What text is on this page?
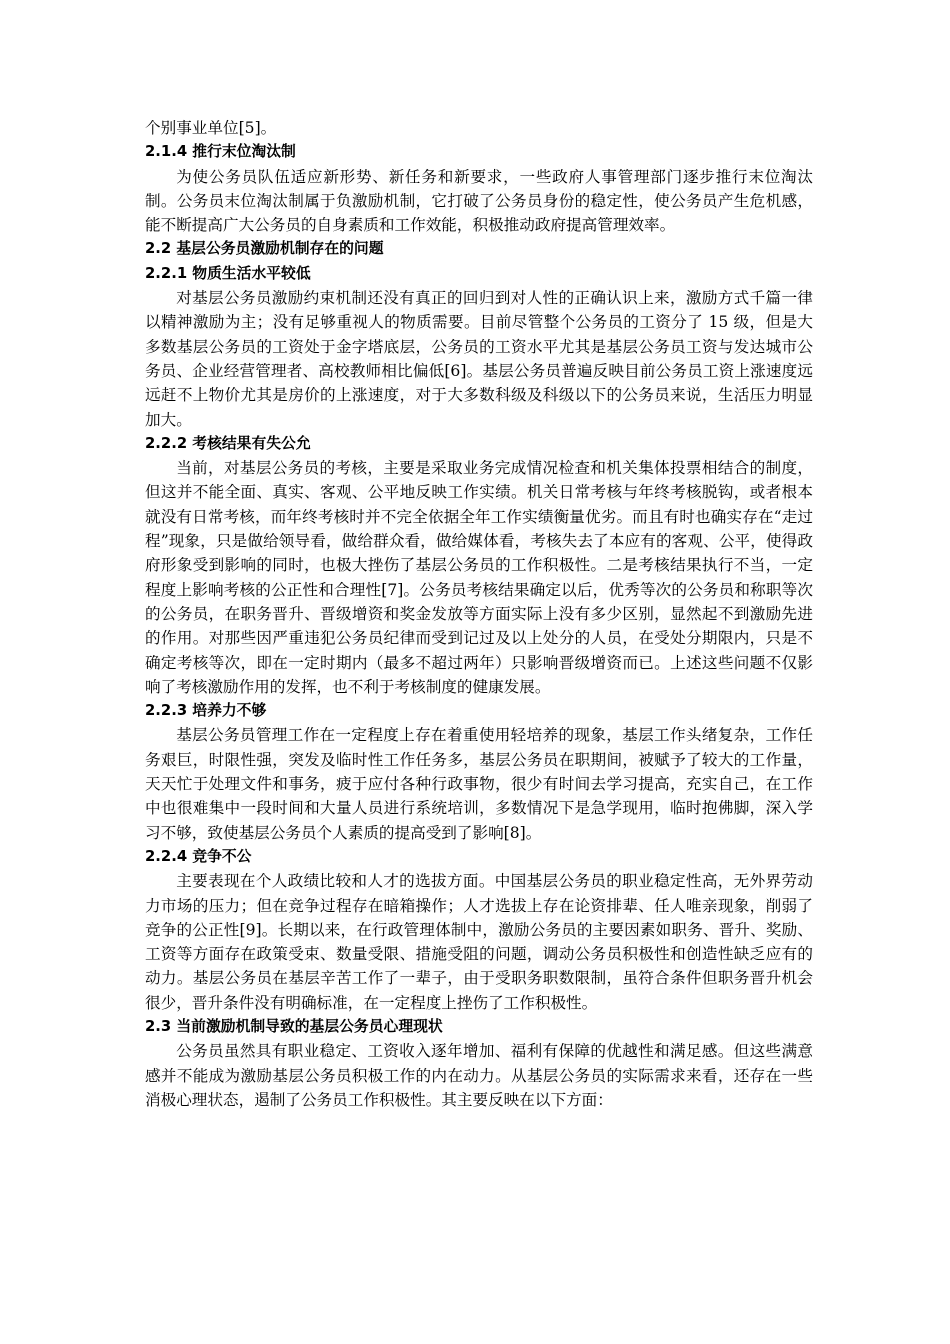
个别事业单位[5]。

2.1.4 推行末位淘汰制

为使公务员队伍适应新形势、新任务和新要求，一些政府人事管理部门逐步推行末位淘汰制。公务员末位淘汰制属于负激励机制，它打破了公务员身份的稳定性，使公务员产生危机感，能不断提高广大公务员的自身素质和工作效能，积极推动政府提高管理效率。

2.2 基层公务员激励机制存在的问题
2.2.1 物质生活水平较低

对基层公务员激励约束机制还没有真正的回归到对人性的正确认识上来，激励方式千篇一律以精神激励为主；没有足够重视人的物质需要。目前尽管整个公务员的工资分了 15 级，但是大多数基层公务员的工资处于金字塔底层，公务员的工资水平尤其是基层公务员工资与发达城市公务员、企业经营管理者、高校教师相比偏低[6]。基层公务员普遍反映目前公务员工资上涨速度远远赶不上物价尤其是房价的上涨速度，对于大多数科级及科级以下的公务员来说，生活压力明显加大。

2.2.2 考核结果有失公允

当前，对基层公务员的考核，主要是采取业务完成情况检查和机关集体投票相结合的制度，但这并不能全面、真实、客观、公平地反映工作实绩。机关日常考核与年终考核脱钩，或者根本就没有日常考核，而年终考核时并不完全依据全年工作实绩衡量优劣。而且有时也确实存在“走过程”现象，只是做给领导看，做给群众看，做给媒体看，考核失去了本应有的客观、公平，使得政府形象受到影响的同时，也极大挫伤了基层公务员的工作积极性。二是考核结果执行不当，一定程度上影响考核的公正性和合理性[7]。公务员考核结果确定以后，优秀等次的公务员和称职等次的公务员，在职务晋升、晋级增资和奖金发放等方面实际上没有多少区别，显然起不到激励先进的作用。对那些因严重违犯公务员纪律而受到记过及以上处分的人员，在受处分期限内，只是不确定考核等次，即在一定时期内（最多不超过两年）只影响晋级增资而已。上述这些问题不仅影响了考核激励作用的发挥，也不利于考核制度的健康发展。

2.2.3 培养力不够

基层公务员管理工作在一定程度上存在着重使用轻培养的现象，基层工作头绪复杂，工作任务艰巨，时限性强，突发及临时性工作任务多，基层公务员在职期间，被赋予了较大的工作量，天天忙于处理文件和事务，疲于应付各种行政事物，很少有时间去学习提高，充实自己，在工作中也很难集中一段时间和大量人员进行系统培训，多数情况下是急学现用，临时抱佛脚，深入学习不够，致使基层公务员个人素质的提高受到了影响[8]。

2.2.4 竞争不公

主要表现在个人政绩比较和人才的选拔方面。中国基层公务员的职业稳定性高，无外界劳动力市场的压力；但在竞争过程存在暗箱操作；人才选拔上存在论资排辈、任人唯亲现象，削弱了竞争的公正性[9]。长期以来，在行政管理体制中，激励公务员的主要因素如职务、晋升、奖励、工资等方面存在政策受束、数量受限、措施受阻的问题，调动公务员积极性和创造性缺乏应有的动力。基层公务员在基层辛苦工作了一辈子，由于受职务职数限制，虽符合条件但职务晋升机会很少，晋升条件没有明确标准，在一定程度上挫伤了工作积极性。

2.3 当前激励机制导致的基层公务员心理现状

公务员虽然具有职业稳定、工资收入逐年增加、福利有保障的优越性和满足感。但这些满意感并不能成为激励基层公务员积极工作的内在动力。从基层公务员的实际需求来看，还存在一些消极心理状态，遏制了公务员工作积极性。其主要反映在以下方面：
